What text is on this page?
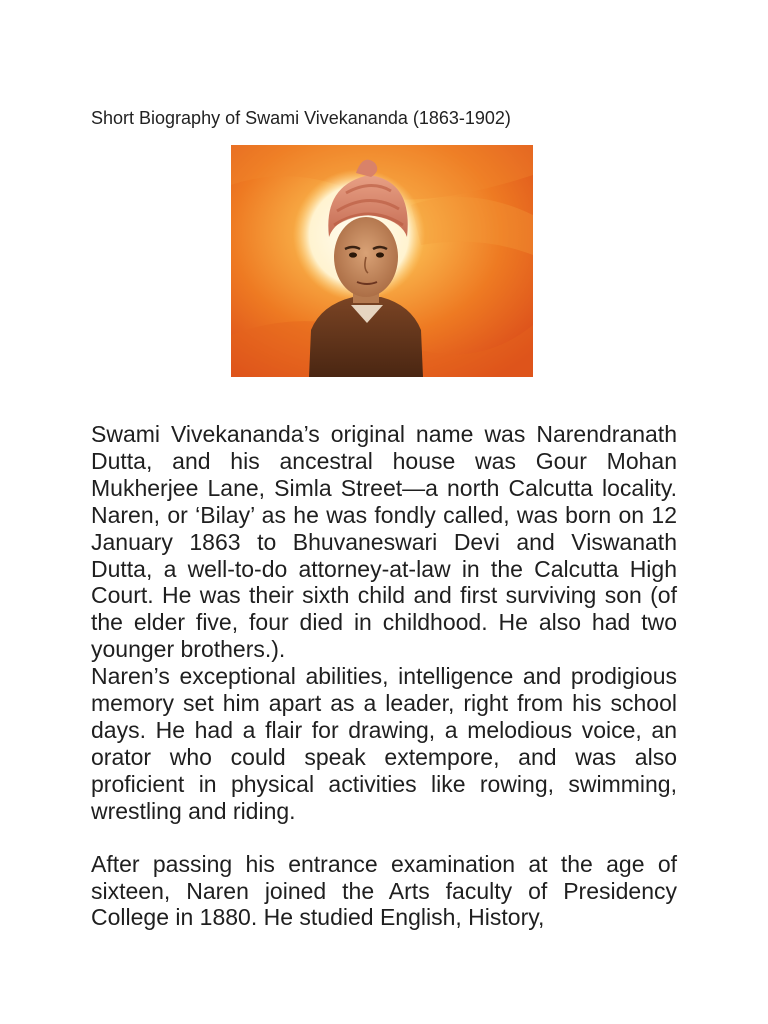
Short Biography of Swami Vivekananda (1863-1902)

Swami Vivekananda’s original name was Narendranath Dutta, and his ancestral house was Gour Mohan Mukherjee Lane, Simla Street—a north Calcutta locality. Naren, or ‘Bilay’ as he was fondly called, was born on 12 January 1863 to Bhuvaneswari Devi and Viswanath Dutta, a well-to-do attorney-at-law in the Calcutta High Court. He was their sixth child and first surviving son (of the elder five, four died in childhood. He also had two younger brothers.).

Naren’s exceptional abilities, intelligence and prodigious memory set him apart as a leader, right from his school days. He had a flair for drawing, a melodious voice, an orator who could speak extempore, and was also proficient in physical activities like rowing, swimming, wrestling and riding.

After passing his entrance examination at the age of sixteen, Naren joined the Arts faculty of Presidency College in 1880. He studied English, History,
